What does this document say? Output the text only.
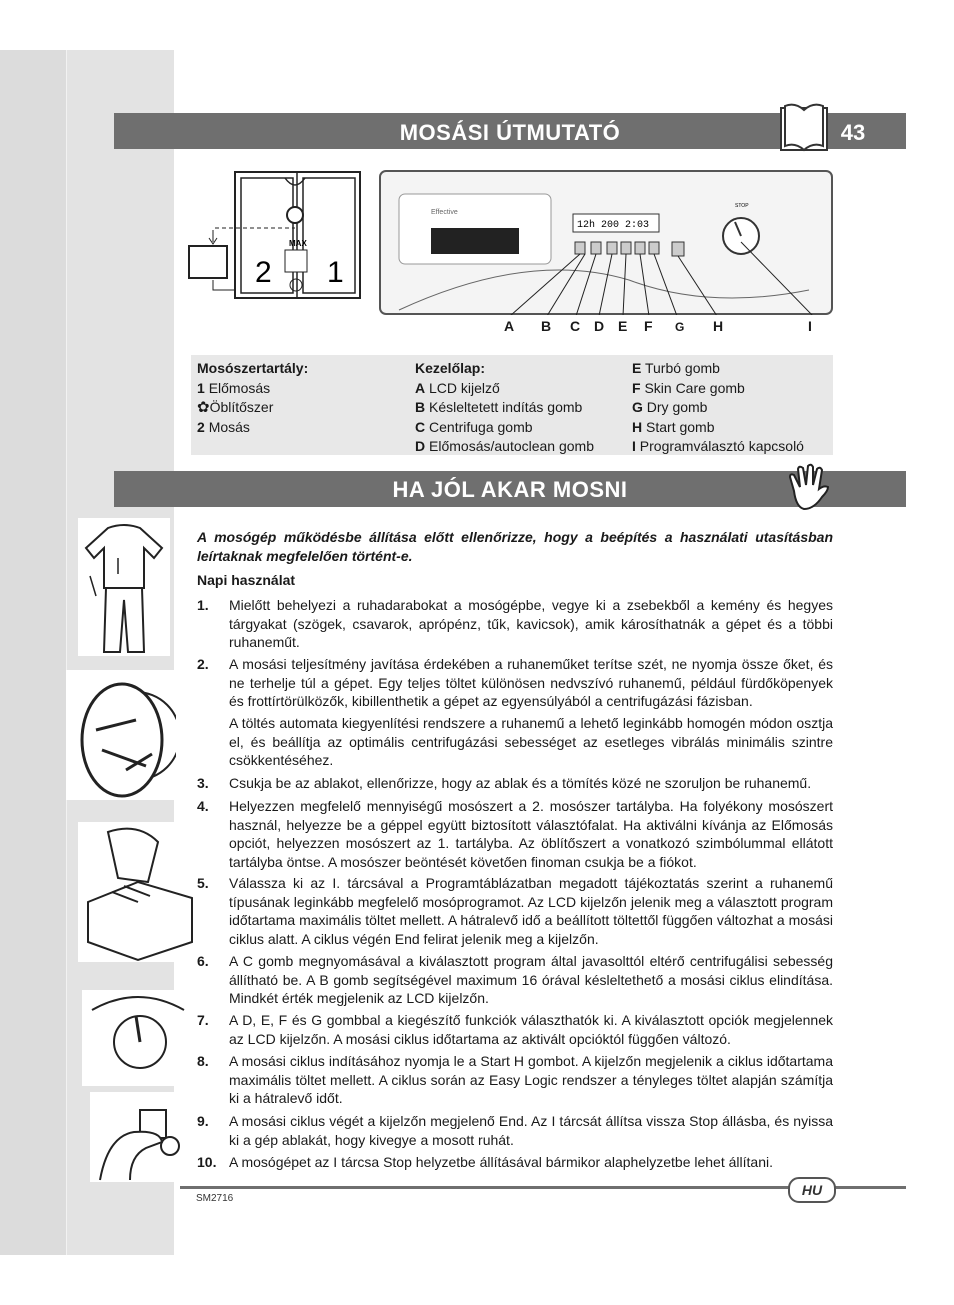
MOSÁSI ÚTMUTATÓ	43
MAX
2 1
Effective
12h 200 2:03
STOP
A B C D E F G H	I
Mosószertartály:
1 Előmosás
✿Öblítőszer
2 Mosás
Kezelőlap:
A LCD kijelző
B Késleltetett indítás gomb
C Centrifuga gomb
D Előmosás/autoclean gomb
E Turbó gomb
F Skin Care gomb
G Dry gomb
H Start gomb
I Programválasztó kapcsoló
HA JÓL AKAR MOSNI
A mosógép működésbe állítása előtt ellenőrizze, hogy a beépítés a használati utasításban leírtaknak megfelelően történt-e.
Napi használat
1. Mielőtt behelyezi a ruhadarabokat a mosógépbe, vegye ki a zsebekből a kemény és hegyes tárgyakat (szögek, csavarok, aprópénz, tűk, kavicsok), amik károsíthatnák a gépet és a többi ruhaneműt.
2. A mosási teljesítmény javítása érdekében a ruhaneműket terítse szét, ne nyomja össze őket, és ne terhelje túl a gépet. Egy teljes töltet különösen nedvszívó ruhanemű, például fürdőköpenyek és frottírtörülközők, kibillenthetik a gépet az egyensúlyából a centrifugázási fázisban.
A töltés automata kiegyenlítési rendszere a ruhanemű a lehető leginkább homogén módon osztja el, és beállítja az optimális centrifugázási sebességet az esetleges vibrálás minimális szintre csökkentéséhez.
3. Csukja be az ablakot, ellenőrizze, hogy az ablak és a tömítés közé ne szoruljon be ruhanemű.
4. Helyezzen megfelelő mennyiségű mosószert a 2. mosószer tartályba. Ha folyékony mosószert használ, helyezze be a géppel együtt biztosított választófalat. Ha aktiválni kívánja az Előmosás opciót, helyezzen mosószert az 1. tartályba. Az öblítőszert a vonatkozó szimbólummal ellátott tartályba öntse. A mosószer beöntését követően finoman csukja be a fiókot.
5. Válassza ki az I. tárcsával a Programtáblázatban megadott tájékoztatás szerint a ruhanemű típusának leginkább megfelelő mosóprogramot. Az LCD kijelzőn jelenik meg a választott program időtartama maximális töltet mellett. A hátralevő idő a beállított töltettől függően változhat a mosási ciklus alatt. A ciklus végén End felirat jelenik meg a kijelzőn.
6. A C gomb megnyomásával a kiválasztott program által javasolttól eltérő centrifugálisi sebesség állítható be. A B gomb segítségével maximum 16 órával késleltethető a mosási ciklus elindítása. Mindkét érték megjelenik az LCD kijelzőn.
7. A D, E, F és G gombbal a kiegészítő funkciók választhatók ki. A kiválasztott opciók megjelennek az LCD kijelzőn. A mosási ciklus időtartama az aktivált opcióktól függően változó.
8. A mosási ciklus indításához nyomja le a Start H gombot. A kijelzőn megjelenik a ciklus időtartama maximális töltet mellett. A ciklus során az Easy Logic rendszer a tényleges töltet alapján számítja ki a hátralevő időt.
9. A mosási ciklus végét a kijelzőn megjelenő End. Az I tárcsát állítsa vissza Stop állásba, és nyissa ki a gép ablakát, hogy kivegye a mosott ruhát.
10. A mosógépet az I tárcsa Stop helyzetbe állításával bármikor alaphelyzetbe lehet állítani.
HU
SM2716
